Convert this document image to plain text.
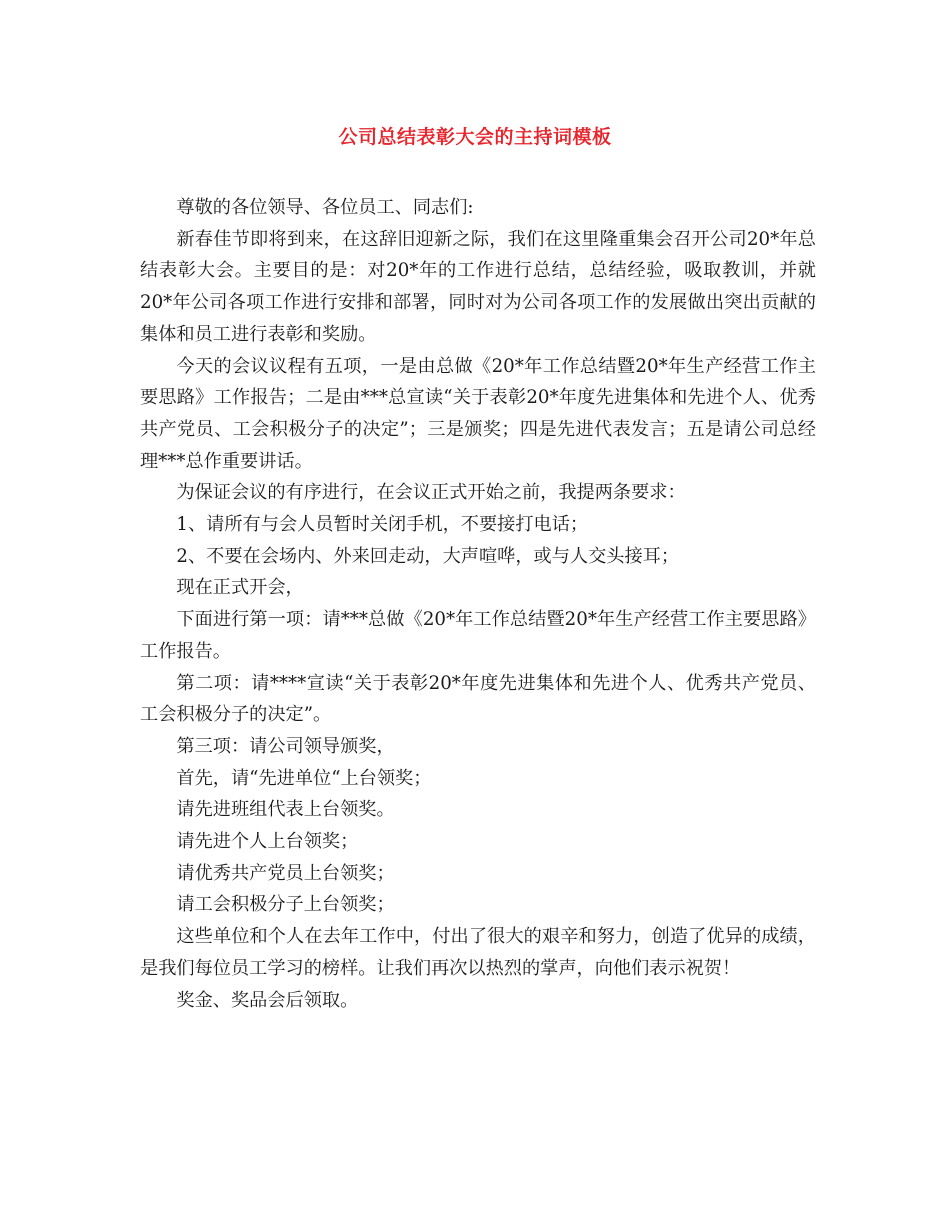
公司总结表彰大会的主持词模板

尊敬的各位领导、各位员工、同志们:

新春佳节即将到来，在这辞旧迎新之际，我们在这里隆重集会召开公司20*年总结表彰大会。主要目的是：对20*年的工作进行总结，总结经验，吸取教训，并就20*年公司各项工作进行安排和部署，同时对为公司各项工作的发展做出突出贡献的集体和员工进行表彰和奖励。

今天的会议议程有五项，一是由总做《20*年工作总结暨20*年生产经营工作主要思路》工作报告；二是由***总宣读“关于表彰20*年度先进集体和先进个人、优秀共产党员、工会积极分子的决定”；三是颁奖；四是先进代表发言；五是请公司总经理***总作重要讲话。

为保证会议的有序进行，在会议正式开始之前，我提两条要求：

1、请所有与会人员暂时关闭手机，不要接打电话；

2、不要在会场内、外来回走动，大声喧哗，或与人交头接耳；

现在正式开会，

下面进行第一项：请***总做《20*年工作总结暨20*年生产经营工作主要思路》工作报告。

第二项：请****宣读“关于表彰20*年度先进集体和先进个人、优秀共产党员、工会积极分子的决定”。

第三项：请公司领导颁奖，

首先，请“先进单位“上台领奖；

请先进班组代表上台领奖。

请先进个人上台领奖；

请优秀共产党员上台领奖；

请工会积极分子上台领奖；

这些单位和个人在去年工作中，付出了很大的艰辛和努力，创造了优异的成绩，是我们每位员工学习的榜样。让我们再次以热烈的掌声，向他们表示祝贺！

奖金、奖品会后领取。
